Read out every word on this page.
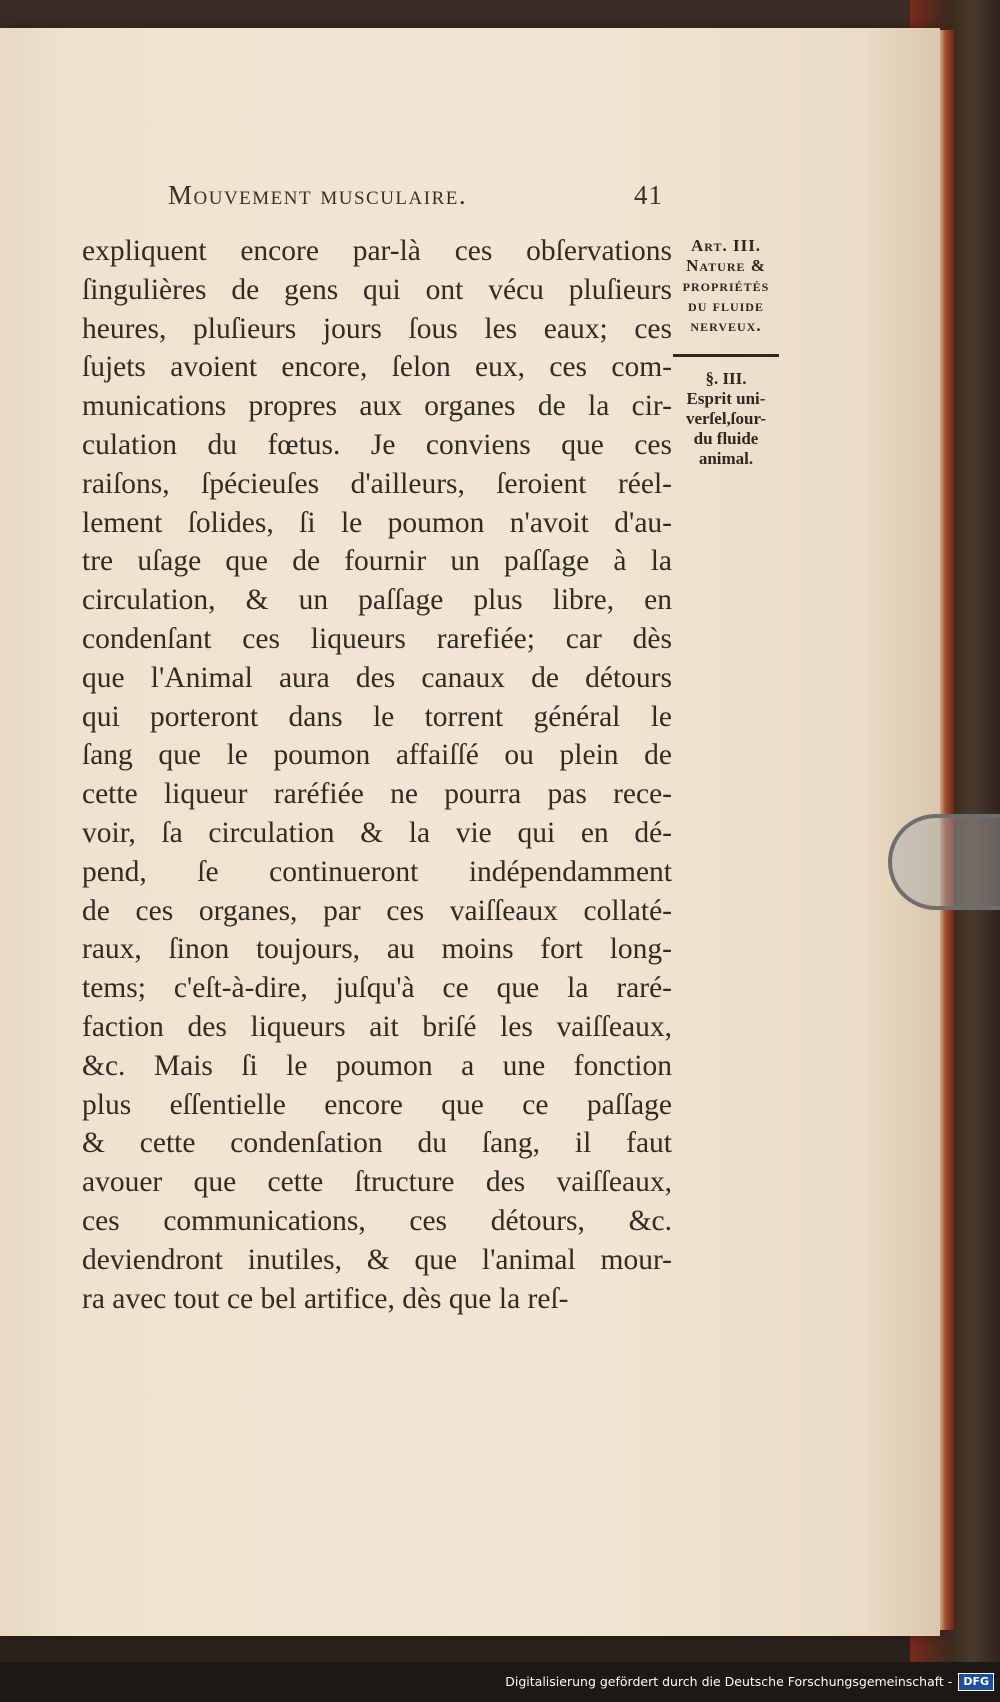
Mouvement musculaire.	41
expliquent encore par-là ces obſervations
ſingulières de gens qui ont vécu pluſieurs
heures, pluſieurs jours ſous les eaux; ces
ſujets avoient encore, ſelon eux, ces com-
munications propres aux organes de la cir-
culation du fœtus. Je conviens que ces
raiſons, ſpécieuſes d'ailleurs, ſeroient réel-
lement ſolides, ſi le poumon n'avoit d'au-
tre uſage que de fournir un paſſage à la
circulation, & un paſſage plus libre, en
condenſant ces liqueurs rarefiée; car dès
que l'Animal aura des canaux de détours
qui porteront dans le torrent général le
ſang que le poumon affaiſſé ou plein de
cette liqueur raréfiée ne pourra pas rece-
voir, ſa circulation & la vie qui en dé-
pend, ſe continueront indépendamment
de ces organes, par ces vaiſſeaux collaté-
raux, ſinon toujours, au moins fort long-
tems; c'eſt-à-dire, juſqu'à ce que la raré-
faction des liqueurs ait briſé les vaiſſeaux,
&c. Mais ſi le poumon a une fonction
plus eſſentielle encore que ce paſſage
& cette condenſation du ſang, il faut
avouer que cette ſtructure des vaiſſeaux,
ces communications, ces détours, &c.
deviendront inutiles, & que l'animal mour-
ra avec tout ce bel artifice, dès que la reſ-
Art. III.
Nature &
propriétés
du fluide
nerveux.
§. III.
Esprit uni-
verſel,ſour-
du fluide
animal.
Digitalisierung gefördert durch die Deutsche Forschungsgemeinschaft -	DFG
